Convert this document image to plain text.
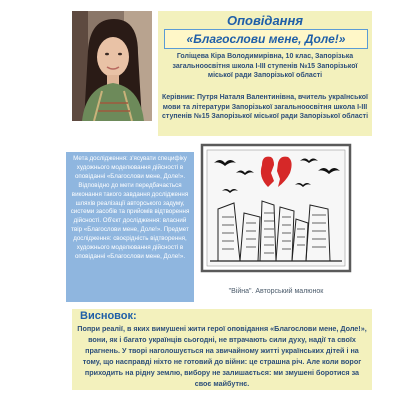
Оповідання
«Благослови мене, Доле!»
Голіщева Кіра Володимирівна, 10 клас, Запорізька загальноосвітня школа І-ІІІ ступенів №15 Запорізької міської ради Запорізької області
Керівник: Путря Наталя Валентинівна, вчитель української мови та літератури Запорізької загальноосвітня школа І-ІІІ ступенів №15 Запорізької міської ради Запорізької області
Мета дослідження: з'ясувати специфіку художнього моделювання дійсності в оповіданні «Благослови мене, Долe!». Відповідно до мети передбачається виконання такого завдання дослідження шляхів реалізації авторського задуму, системи засобів та прийомів відтворення дійсності. Об'єкт дослідження: власний твір «Благослови мене, Доле!». Предмет дослідження: своєрідність відтворення, художнього моделювання дійсності в оповіданні «Благослови мене, Доле!».
"Війна". Авторський малюнок
Висновок:
Попри реалії, в яких вимушені жити герої оповідання «Благослови мене, Доле!», вони, як і багато українців сьогодні, не втрачають сили духу, надії та своїх прагнень. У творі наголошується на звичайному житті українських дітей і на тому, що насправді ніхто не готовий до війни: це страшна річ. Але коли ворог приходить на рідну землю, вибору не залишається: ми змушені боротися за своє майбутнє.
